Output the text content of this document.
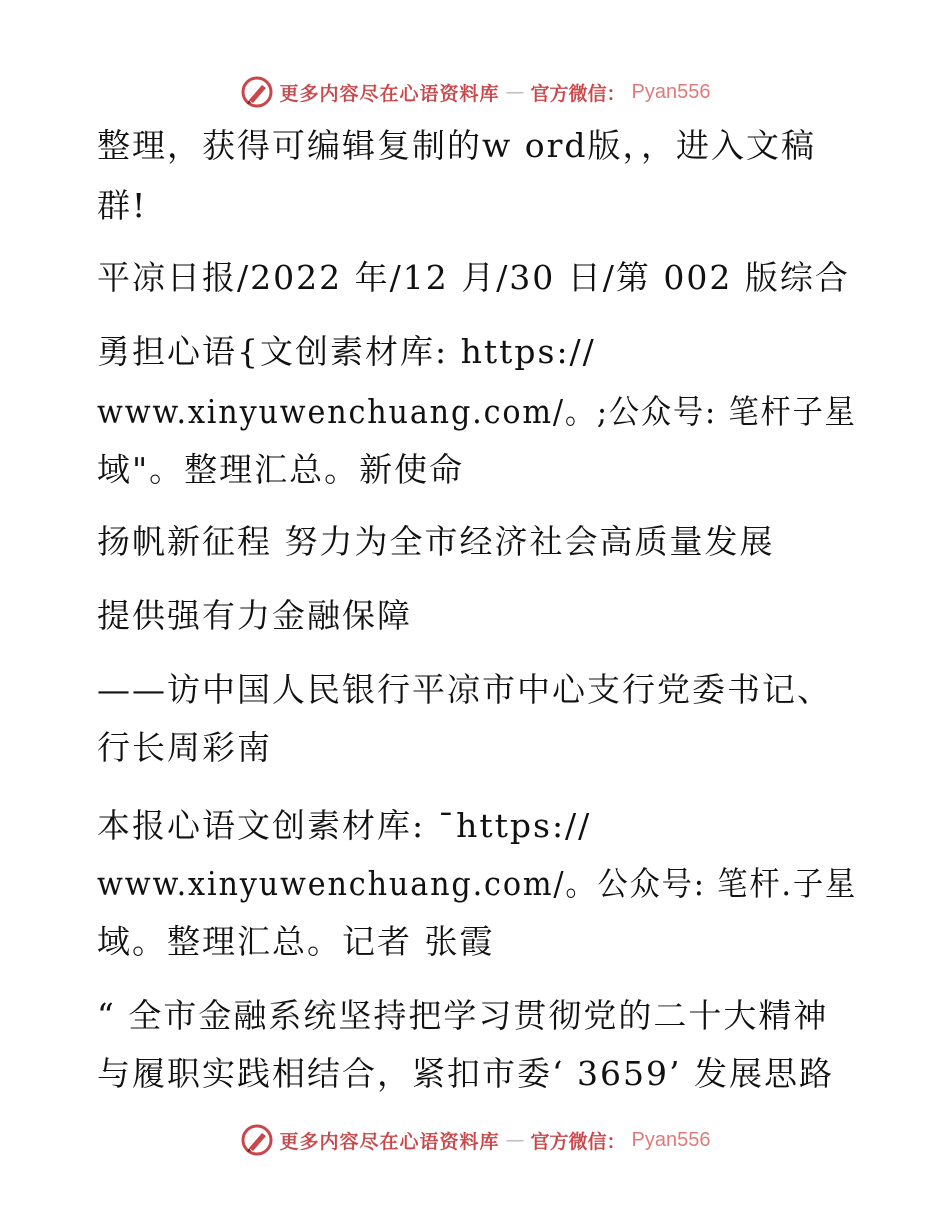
更多内容尽在心语资料库 — 官方微信： Pyan556
整理，获得可编辑复制的w ord版，，进入文稿
群!
平凉日报/2022 年/12 月/30 日/第 002 版综合
勇担心语{文创素材库: https://
www.xinyuwenchuang.com/。;公众号: 笔杆子星
域"。整理汇总。新使命
扬帆新征程 努力为全市经济社会高质量发展
提供强有力金融保障
——访中国人民银行平凉市中心支行党委书记、
行长周彩南
本报心语文创素材库: ¯https://
www.xinyuwenchuang.com/。公众号: 笔杆.子星
域。整理汇总。记者 张霞
“ 全市金融系统坚持把学习贯彻党的二十大精神
与履职实践相结合，紧扣市委‘ 3659’ 发展思路
更多内容尽在心语资料库 — 官方微信： Pyan556
